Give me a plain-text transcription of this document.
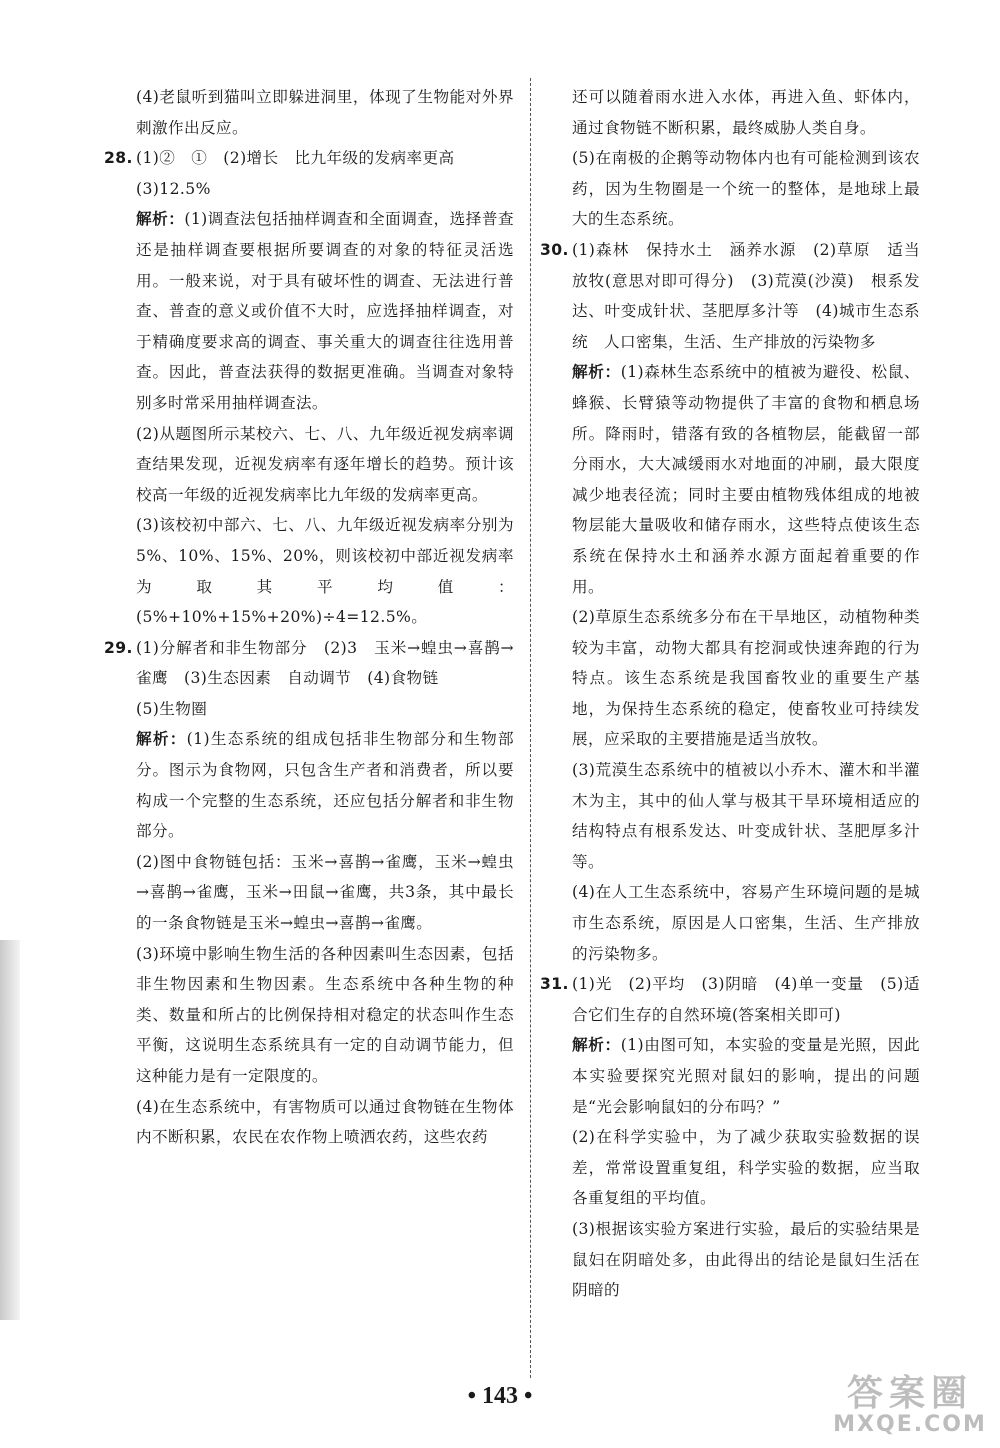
(4)老鼠听到猫叫立即躲进洞里，体现了生物能对外界刺激作出反应。

28. (1)②　①　(2)增长　比九年级的发病率更高
(3)12.5%

解析：(1)调查法包括抽样调查和全面调查，选择普查还是抽样调查要根据所要调查的对象的特征灵活选用。一般来说，对于具有破坏性的调查、无法进行普查、普查的意义或价值不大时，应选择抽样调查，对于精确度要求高的调查、事关重大的调查往往选用普查。因此，普查法获得的数据更准确。当调查对象特别多时常采用抽样调查法。

(2)从题图所示某校六、七、八、九年级近视发病率调查结果发现，近视发病率有逐年增长的趋势。预计该校高一年级的近视发病率比九年级的发病率更高。

(3)该校初中部六、七、八、九年级近视发病率分别为5%、10%、15%、20%，则该校初中部近视发病率为取其平均值：(5%+10%+15%+20%)÷4=12.5%。

29. (1)分解者和非生物部分　(2)3　玉米→蝗虫→喜鹊→雀鹰　(3)生态因素　自动调节　(4)食物链
(5)生物圈

解析：(1)生态系统的组成包括非生物部分和生物部分。图示为食物网，只包含生产者和消费者，所以要构成一个完整的生态系统，还应包括分解者和非生物部分。

(2)图中食物链包括：玉米→喜鹊→雀鹰，玉米→蝗虫→喜鹊→雀鹰，玉米→田鼠→雀鹰，共3条，其中最长的一条食物链是玉米→蝗虫→喜鹊→雀鹰。

(3)环境中影响生物生活的各种因素叫生态因素，包括非生物因素和生物因素。生态系统中各种生物的种类、数量和所占的比例保持相对稳定的状态叫作生态平衡，这说明生态系统具有一定的自动调节能力，但这种能力是有一定限度的。

(4)在生态系统中，有害物质可以通过食物链在生物体内不断积累，农民在农作物上喷洒农药，这些农药

还可以随着雨水进入水体，再进入鱼、虾体内，通过食物链不断积累，最终威胁人类自身。

(5)在南极的企鹅等动物体内也有可能检测到该农药，因为生物圈是一个统一的整体，是地球上最大的生态系统。

30. (1)森林　保持水土　涵养水源　(2)草原　适当放牧(意思对即可得分)　(3)荒漠(沙漠)　根系发达、叶变成针状、茎肥厚多汁等　(4)城市生态系统　人口密集，生活、生产排放的污染物多

解析：(1)森林生态系统中的植被为避役、松鼠、蜂猴、长臂猿等动物提供了丰富的食物和栖息场所。降雨时，错落有致的各植物层，能截留一部分雨水，大大减缓雨水对地面的冲刷，最大限度减少地表径流；同时主要由植物残体组成的地被物层能大量吸收和储存雨水，这些特点使该生态系统在保持水土和涵养水源方面起着重要的作用。

(2)草原生态系统多分布在干旱地区，动植物种类较为丰富，动物大都具有挖洞或快速奔跑的行为特点。该生态系统是我国畜牧业的重要生产基地，为保持生态系统的稳定，使畜牧业可持续发展，应采取的主要措施是适当放牧。

(3)荒漠生态系统中的植被以小乔木、灌木和半灌木为主，其中的仙人掌与极其干旱环境相适应的结构特点有根系发达、叶变成针状、茎肥厚多汁等。

(4)在人工生态系统中，容易产生环境问题的是城市生态系统，原因是人口密集，生活、生产排放的污染物多。

31. (1)光　(2)平均　(3)阴暗　(4)单一变量　(5)适合它们生存的自然环境(答案相关即可)

解析：(1)由图可知，本实验的变量是光照，因此本实验要探究光照对鼠妇的影响，提出的问题是“光会影响鼠妇的分布吗？”

(2)在科学实验中，为了减少获取实验数据的误差，常常设置重复组，科学实验的数据，应当取各重复组的平均值。

(3)根据该实验方案进行实验，最后的实验结果是鼠妇在阴暗处多，由此得出的结论是鼠妇生活在阴暗的

• 143 •	答案圈
MXQE.COM
